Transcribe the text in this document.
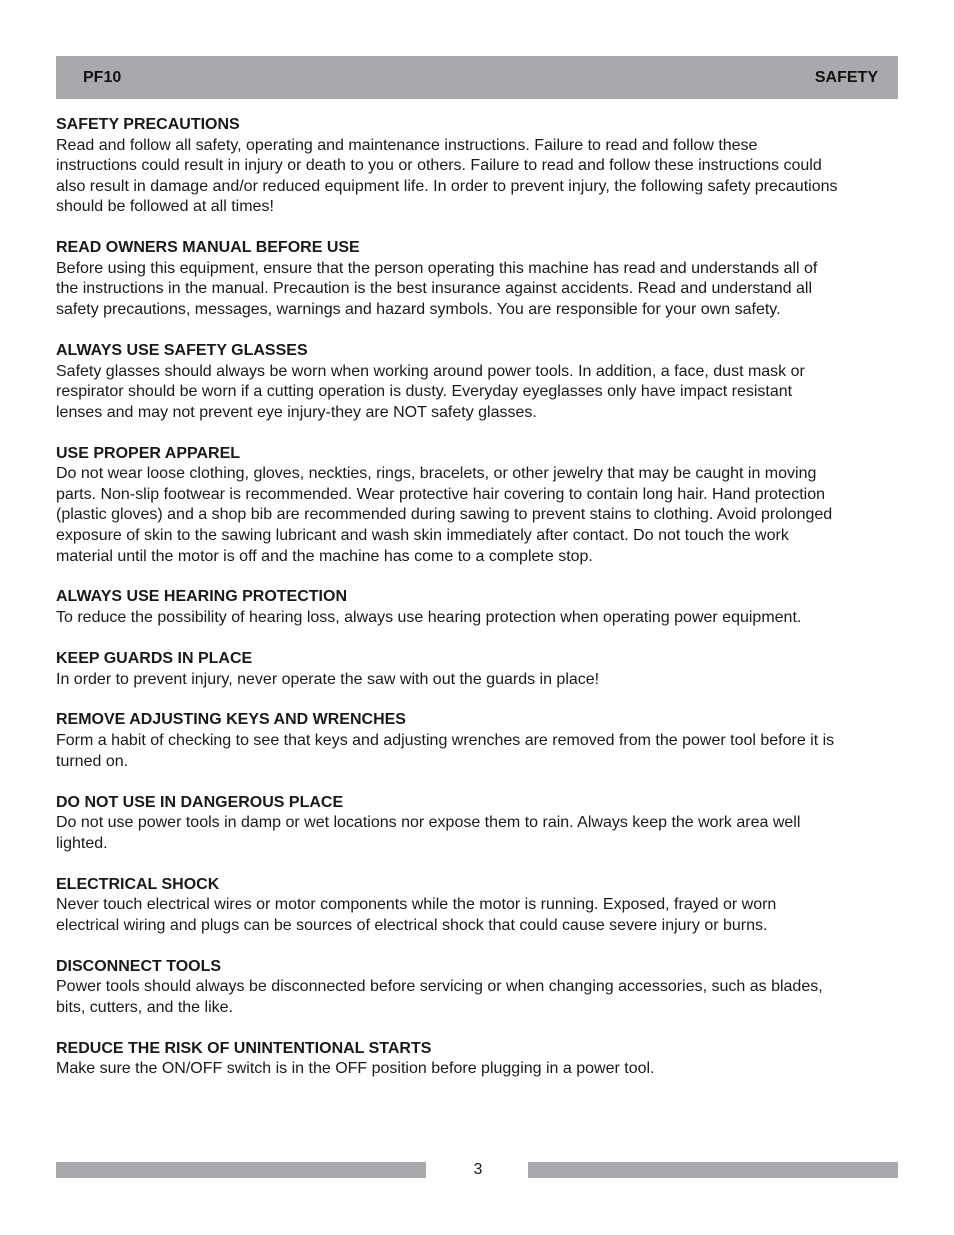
PF10	SAFETY

SAFETY PRECAUTIONS

Read and follow all safety, operating and maintenance instructions. Failure to read and follow these
instructions could result in injury or death to you or others. Failure to read and follow these instructions could
also result in damage and/or reduced equipment life. In order to prevent injury, the following safety precautions
should be followed at all times!

READ OWNERS MANUAL BEFORE USE

Before using this equipment, ensure that the person operating this machine has read and understands all of
the instructions in the manual. Precaution is the best insurance against accidents. Read and understand all
safety precautions, messages, warnings and hazard symbols. You are responsible for your own safety.

ALWAYS USE SAFETY GLASSES

Safety glasses should always be worn when working around power tools. In addition, a face, dust mask or
respirator should be worn if a cutting operation is dusty. Everyday eyeglasses only have impact resistant
lenses and may not prevent eye injury-they are NOT safety glasses.

USE PROPER APPAREL

Do not wear loose clothing, gloves, neckties, rings, bracelets, or other jewelry that may be caught in moving
parts. Non-slip footwear is recommended. Wear protective hair covering to contain long hair. Hand protection
(plastic gloves) and a shop bib are recommended during sawing to prevent stains to clothing. Avoid prolonged
exposure of skin to the sawing lubricant and wash skin immediately after contact. Do not touch the work
material until the motor is off and the machine has come to a complete stop.

ALWAYS USE HEARING PROTECTION

To reduce the possibility of hearing loss, always use hearing protection when operating power equipment.

KEEP GUARDS IN PLACE

In order to prevent injury, never operate the saw with out the guards in place!

REMOVE ADJUSTING KEYS AND WRENCHES

Form a habit of checking to see that keys and adjusting wrenches are removed from the power tool before it is
turned on.

DO NOT USE IN DANGEROUS PLACE

Do not use power tools in damp or wet locations nor expose them to rain. Always keep the work area well
lighted.

ELECTRICAL SHOCK

Never touch electrical wires or motor components while the motor is running. Exposed, frayed or worn
electrical wiring and plugs can be sources of electrical shock that could cause severe injury or burns.

DISCONNECT TOOLS

Power tools should always be disconnected before servicing or when changing accessories, such as blades,
bits, cutters, and the like.

REDUCE THE RISK OF UNINTENTIONAL STARTS

Make sure the ON/OFF switch is in the OFF position before plugging in a power tool.

3
